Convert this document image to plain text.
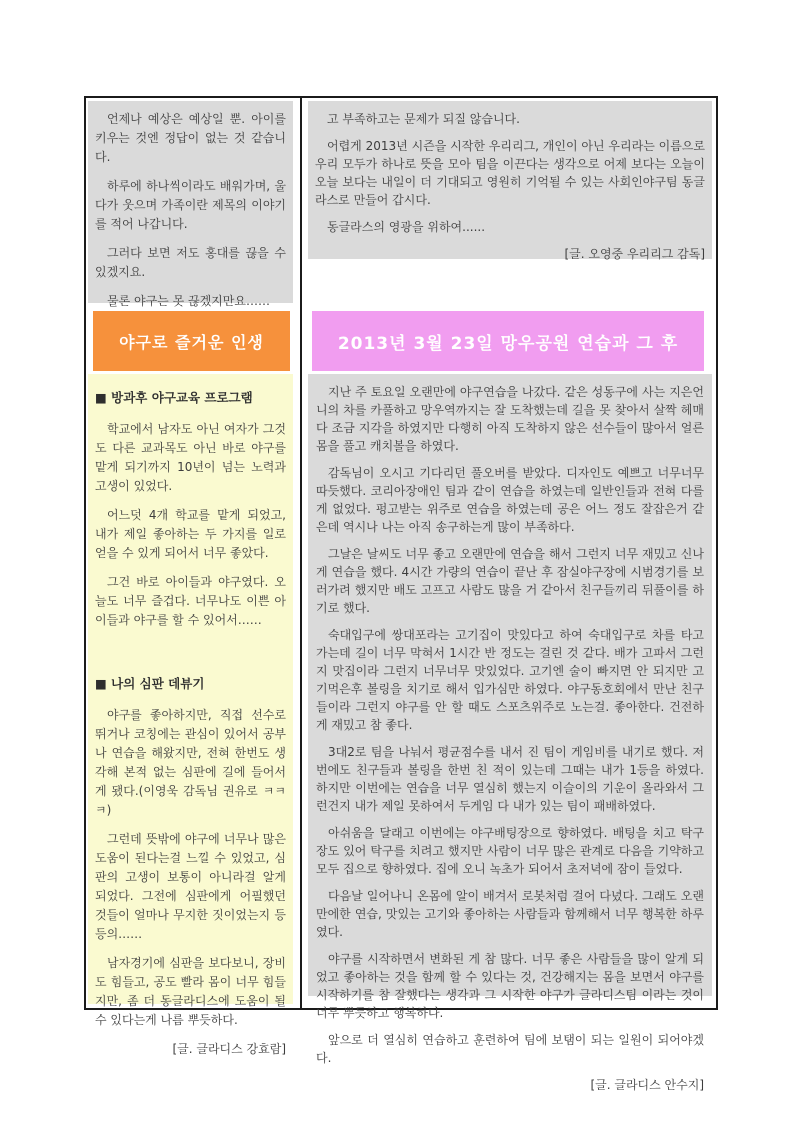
언제나 예상은 예상일 뿐. 아이를 키우는 것엔 정답이 없는 것 같습니다.

하루에 하나씩이라도 배워가며, 울다가 웃으며 가족이란 제목의 이야기를 적어 나갑니다.

그러다 보면 저도 홍대를 끊을 수 있겠지요.

물론 야구는 못 끊겠지만요……

야구로 즐거운 인생
■ 방과후 야구교육 프로그램

학교에서 남자도 아닌 여자가 그것도 다른 교과목도 아닌 바로 야구를 맡게 되기까지 10년이 넘는 노력과 고생이 있었다.

어느덧 4개 학교를 맡게 되었고, 내가 제일 좋아하는 두 가지를 일로 얻을 수 있게 되어서 너무 좋았다.

그건 바로 아이들과 야구였다. 오늘도 너무 즐겁다. 너무나도 이쁜 아이들과 야구를 할 수 있어서……

■ 나의 심판 데뷰기

야구를 좋아하지만, 직접 선수로 뛰거나 코칭에는 관심이 있어서 공부나 연습을 해왔지만, 전혀 한번도 생각해 본적 없는 심판에 길에 들어서게 됐다.(이영욱 감독님 권유로 ㅋㅋㅋ)

그런데 뜻밖에 야구에 너무나 많은 도움이 된다는걸 느낄 수 있었고, 심판의 고생이 보통이 아니라걸 알게 되었다. 그전에 심판에게 어필했던 것들이 얼마나 무지한 짓이었는지 등등의……

남자경기에 심판을 보다보니, 장비도 힘들고, 공도 빨라 몸이 너무 힘들지만, 좀 더 동글라디스에 도움이 될 수 있다는게 나름 뿌듯하다.

[글. 글라디스 강효람]

고 부족하고는 문제가 되질 않습니다.

어렵게 2013년 시즌을 시작한 우리리그, 개인이 아닌 우리라는 이름으로 우리 모두가 하나로 뜻을 모아 팀을 이끈다는 생각으로 어제 보다는 오늘이 오늘 보다는 내일이 더 기대되고 영원히 기억될 수 있는 사회인야구팀 동글라스로 만들어 갑시다.

동글라스의 영광을 위하여......

[글. 오영중 우리리그 감독]

2013년 3월 23일 망우공원 연습과 그 후

지난 주 토요일 오랜만에 야구연습을 나갔다. 같은 성동구에 사는 지은언니의 차를 카풀하고 망우역까지는 잘 도착했는데 길을 못 찾아서 살짝 헤매다 조금 지각을 하였지만 다행히 아직 도착하지 않은 선수들이 많아서 얼른 몸을 풀고 캐치볼을 하였다.

감독님이 오시고 기다리던 풀오버를 받았다. 디자인도 예쁘고 너무너무 따듯했다. 코리아장애인 팀과 같이 연습을 하였는데 일반인들과 전혀 다를 게 없었다. 펑고받는 위주로 연습을 하였는데 공은 어느 정도 잘잡은거 같은데 역시나 나는 아직 송구하는게 많이 부족하다.

그날은 날씨도 너무 좋고 오랜만에 연습을 해서 그런지 너무 재밌고 신나게 연습을 했다. 4시간 가량의 연습이 끝난 후 잠실야구장에 시범경기를 보러가려 했지만 배도 고프고 사람도 많을 거 같아서 친구들끼리 뒤풀이를 하기로 했다.

숙대입구에 쌍대포라는 고기집이 맛있다고 하여 숙대입구로 차를 타고 가는데 길이 너무 막혀서 1시간 반 정도는 걸린 것 같다. 배가 고파서 그런지 맛집이라 그런지 너무너무 맛있었다. 고기엔 술이 빠지면 안 되지만 고기먹은후 볼링을 치기로 해서 입가심만 하였다. 야구동호회에서 만난 친구들이라 그런지 야구를 안 할 때도 스포츠위주로 노는걸. 좋아한다. 건전하게 재밌고 참 좋다.

3대2로 팀을 나눠서 평균점수를 내서 진 팀이 게임비를 내기로 했다. 저번에도 친구들과 볼링을 한번 친 적이 있는데 그때는 내가 1등을 하였다. 하지만 이번에는 연습을 너무 열심히 했는지 이슬이의 기운이 올라와서 그런건지 내가 제일 못하여서 두게임 다 내가 있는 팀이 패배하였다.

아쉬움을 달래고 이번에는 야구배팅장으로 향하였다. 배팅을 치고 탁구장도 있어 탁구를 치려고 했지만 사람이 너무 많은 관계로 다음을 기약하고 모두 집으로 향하였다. 집에 오니 녹초가 되어서 초저녁에 잠이 들었다.

다음날 일어나니 온몸에 알이 배겨서 로봇처럼 걸어 다녔다. 그래도 오랜만에한 연습, 맛있는 고기와 좋아하는 사람들과 함께해서 너무 행복한 하루였다.

야구를 시작하면서 변화된 게 참 많다. 너무 좋은 사람들을 많이 알게 되었고 좋아하는 것을 함께 할 수 있다는 것, 건강해지는 몸을 보면서 야구를 시작하기를 참 잘했다는 생각과 그 시작한 야구가 글라디스팀 이라는 것이 너무 뿌듯하고 행복하다.

앞으로 더 열심히 연습하고 훈련하여 팀에 보탬이 되는 일원이 되어야겠다.

[글. 글라디스 안수지]
